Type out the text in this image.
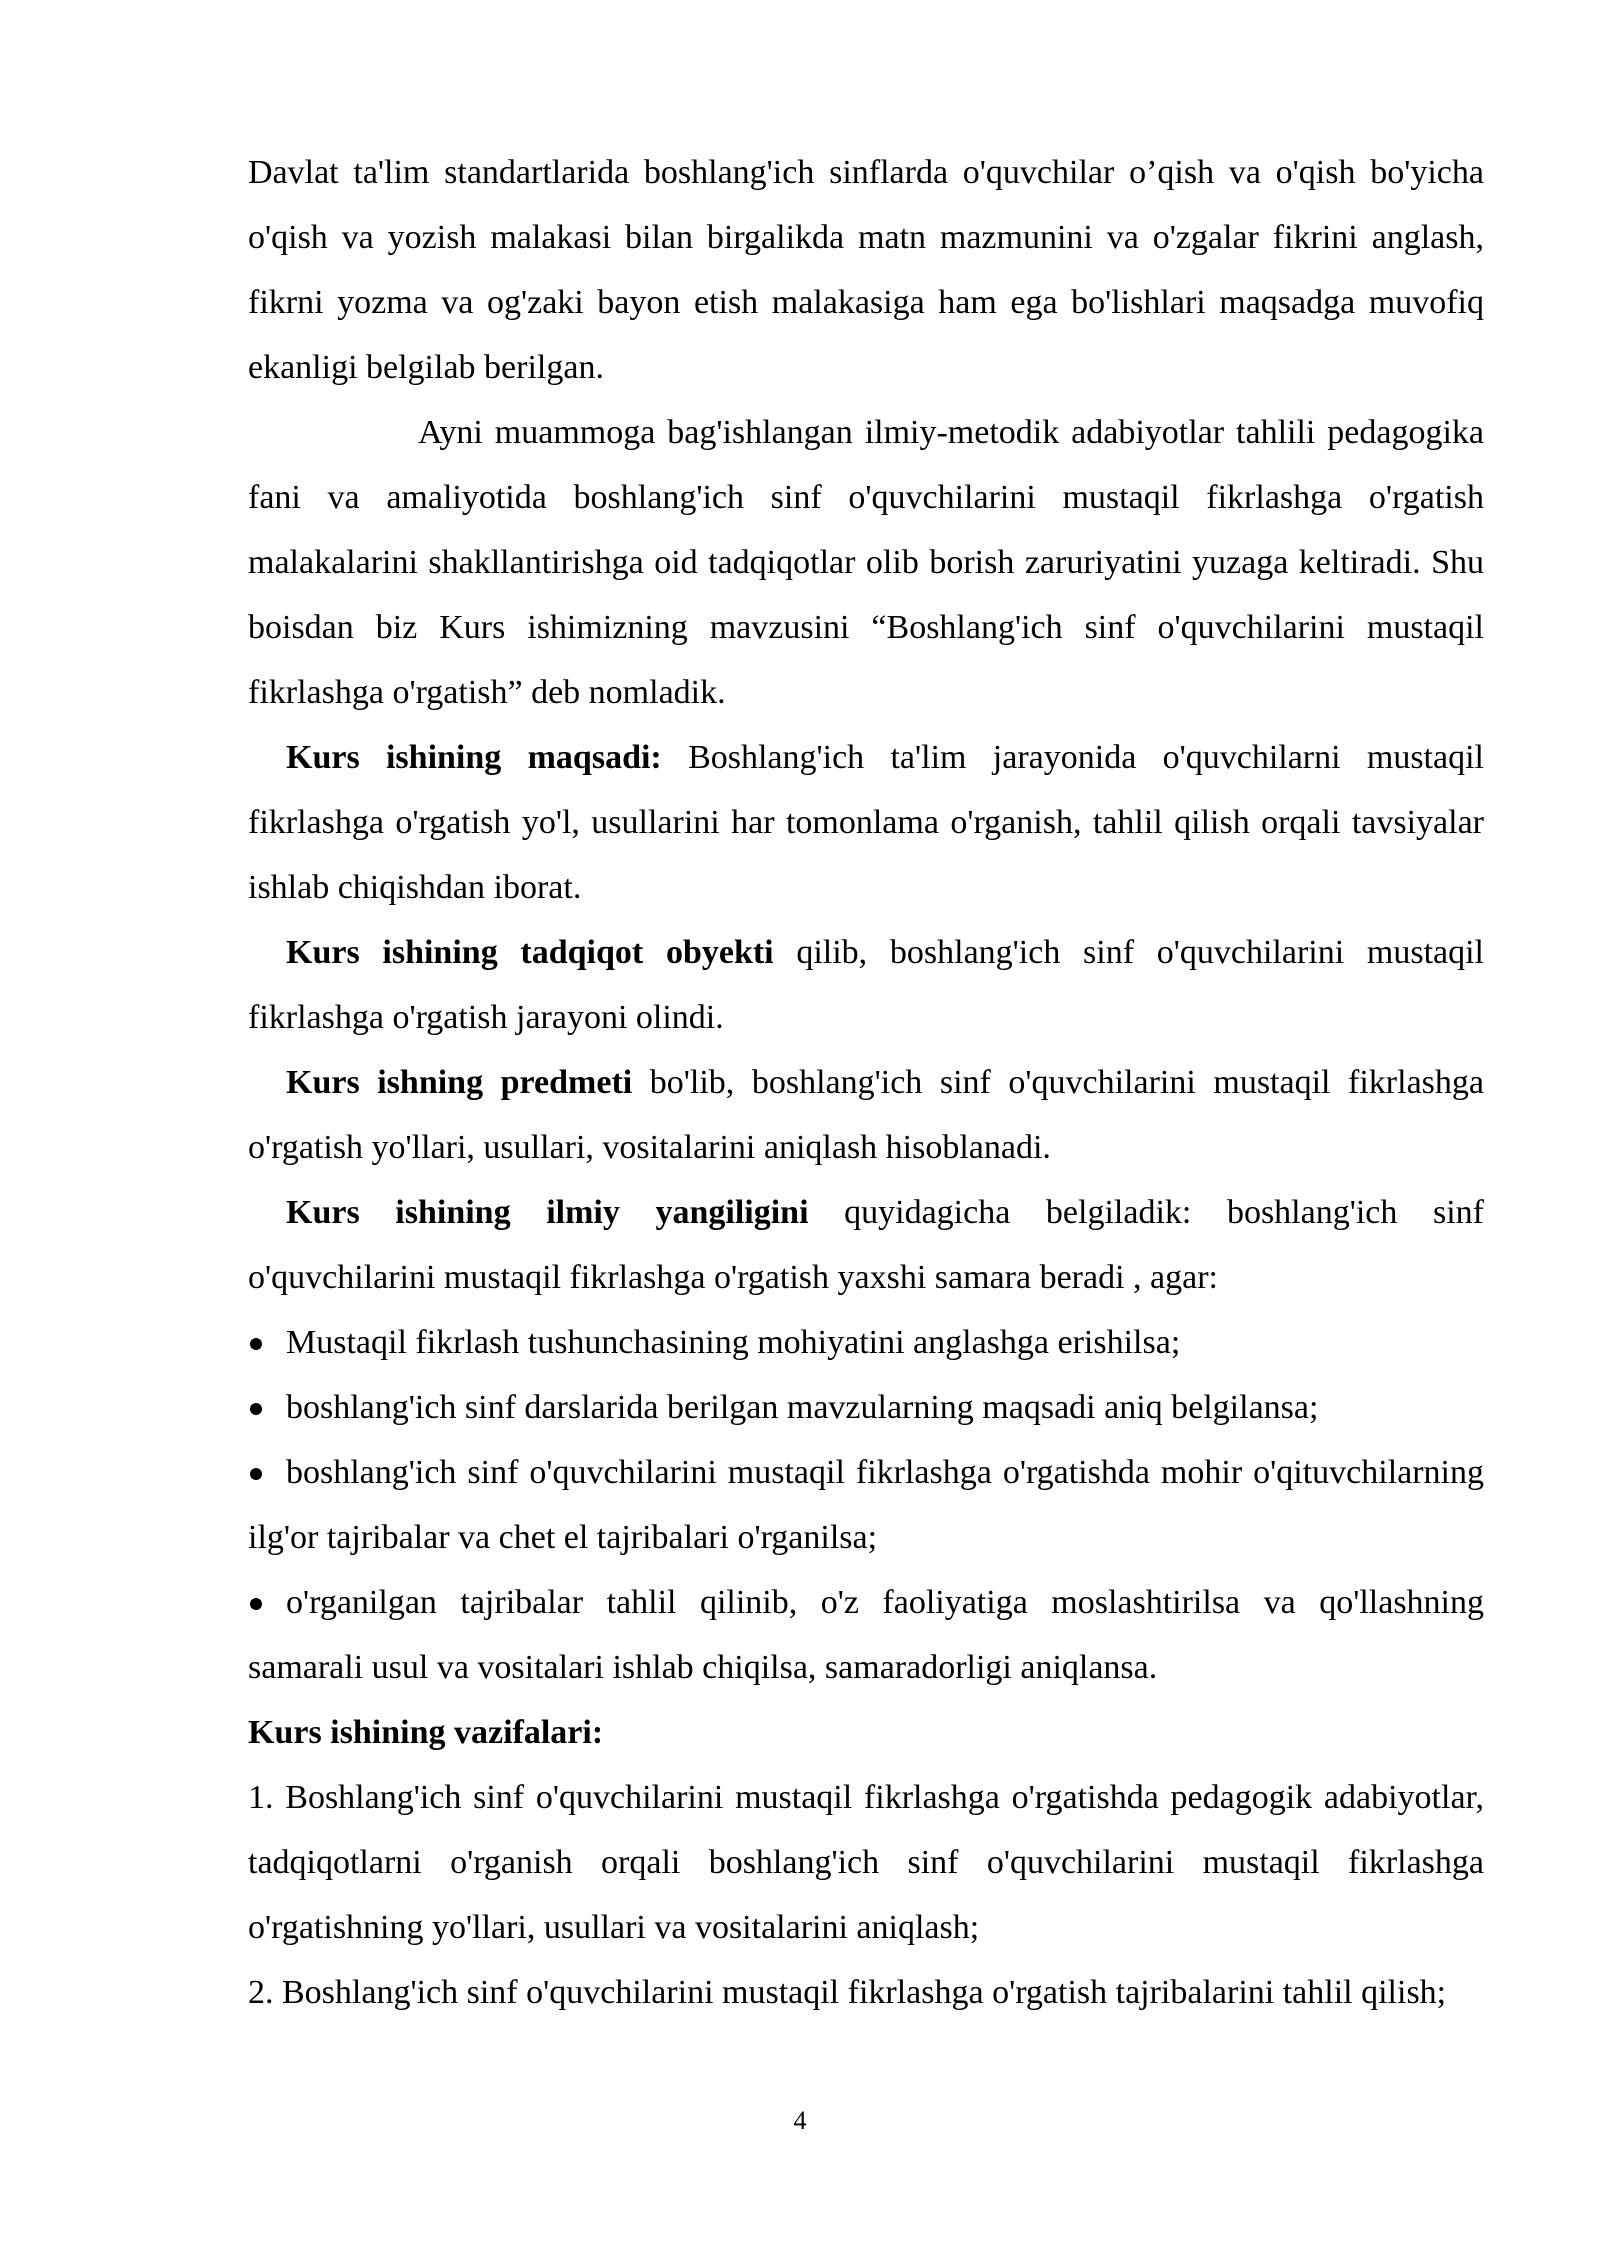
Davlat ta'lim standartlarida boshlang'ich sinflarda o'quvchilar o’qish va o'qish bo'yicha o'qish va yozish malakasi bilan birgalikda matn mazmunini va o'zgalar fikrini anglash, fikrni yozma va og'zaki bayon etish malakasiga ham ega bo'lishlari maqsadga muvofiq ekanligi belgilab berilgan.

Ayni muammoga bag'ishlangan ilmiy-metodik adabiyotlar tahlili pedagogika fani va amaliyotida boshlang'ich sinf o'quvchilarini mustaqil fikrlashga o'rgatish malakalarini shakllantirishga oid tadqiqotlar olib borish zaruriyatini yuzaga keltiradi. Shu boisdan biz Kurs ishimizning mavzusini “Boshlang'ich sinf o'quvchilarini mustaqil fikrlashga o'rgatish” deb nomladik.

Kurs ishining maqsadi: Boshlang'ich ta'lim jarayonida o'quvchilarni mustaqil fikrlashga o'rgatish yo'l, usullarini har tomonlama o'rganish, tahlil qilish orqali tavsiyalar ishlab chiqishdan iborat.

Kurs ishining tadqiqot obyekti qilib, boshlang'ich sinf o'quvchilarini mustaqil fikrlashga o'rgatish jarayoni olindi.

Kurs ishning predmeti bo'lib, boshlang'ich sinf o'quvchilarini mustaqil fikrlashga o'rgatish yo'llari, usullari, vositalarini aniqlash hisoblanadi.

Kurs ishining ilmiy yangiligini quyidagicha belgiladik: boshlang'ich sinf o'quvchilarini mustaqil fikrlashga o'rgatish yaxshi samara beradi , agar:

Mustaqil fikrlash tushunchasining mohiyatini anglashga erishilsa;

boshlang'ich sinf darslarida berilgan mavzularning maqsadi aniq belgilansa;

boshlang'ich sinf o'quvchilarini mustaqil fikrlashga o'rgatishda mohir o'qituvchilarning ilg'or tajribalar va chet el tajribalari o'rganilsa;

o'rganilgan tajribalar tahlil qilinib, o'z faoliyatiga moslashtirilsa va qo'llashning samarali usul va vositalari ishlab chiqilsa, samaradorligi aniqlansa.

Kurs ishining vazifalari:

1. Boshlang'ich sinf o'quvchilarini mustaqil fikrlashga o'rgatishda pedagogik adabiyotlar, tadqiqotlarni o'rganish orqali boshlang'ich sinf o'quvchilarini mustaqil fikrlashga o'rgatishning yo'llari, usullari va vositalarini aniqlash;

2. Boshlang'ich sinf o'quvchilarini mustaqil fikrlashga o'rgatish tajribalarini tahlil qilish;

4
